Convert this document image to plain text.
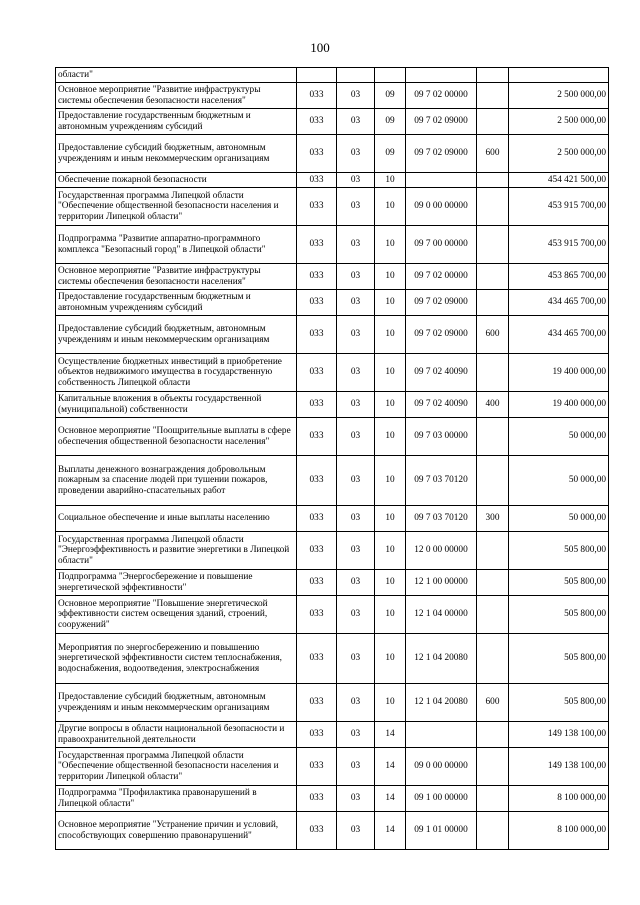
100
области"						
Основное мероприятие "Развитие инфраструктуры системы обеспечения безопасности населения"	033	03	09	09 7 02 00000		2 500 000,00
Предоставление государственным бюджетным и автономным учреждениям субсидий	033	03	09	09 7 02 09000		2 500 000,00
Предоставление субсидий бюджетным, автономным учреждениям и иным некоммерческим организациям	033	03	09	09 7 02 09000	600	2 500 000,00
Обеспечение пожарной безопасности	033	03	10			454 421 500,00
Государственная программа Липецкой области "Обеспечение общественной безопасности населения и территории Липецкой области"	033	03	10	09 0 00 00000		453 915 700,00
Подпрограмма "Развитие аппаратно-программного комплекса "Безопасный город" в Липецкой области"	033	03	10	09 7 00 00000		453 915 700,00
Основное мероприятие "Развитие инфраструктуры системы обеспечения безопасности населения"	033	03	10	09 7 02 00000		453 865 700,00
Предоставление государственным бюджетным и автономным учреждениям субсидий	033	03	10	09 7 02 09000		434 465 700,00
Предоставление субсидий бюджетным, автономным учреждениям и иным некоммерческим организациям	033	03	10	09 7 02 09000	600	434 465 700,00
Осуществление бюджетных инвестиций в приобретение объектов недвижимого имущества в государственную собственность Липецкой области	033	03	10	09 7 02 40090		19 400 000,00
Капитальные вложения в объекты государственной (муниципальной) собственности	033	03	10	09 7 02 40090	400	19 400 000,00
Основное мероприятие "Поощрительные выплаты в сфере обеспечения общественной безопасности населения"	033	03	10	09 7 03 00000		50 000,00
Выплаты денежного вознаграждения добровольным пожарным за спасение людей при тушении пожаров, проведении аварийно-спасательных работ	033	03	10	09 7 03 70120		50 000,00
Социальное обеспечение и иные выплаты населению	033	03	10	09 7 03 70120	300	50 000,00
Государственная программа Липецкой области "Энергоэффективность и развитие энергетики в Липецкой области"	033	03	10	12 0 00 00000		505 800,00
Подпрограмма "Энергосбережение и повышение энергетической эффективности"	033	03	10	12 1 00 00000		505 800,00
Основное мероприятие "Повышение энергетической эффективности систем освещения зданий, строений, сооружений"	033	03	10	12 1 04 00000		505 800,00
Мероприятия по энергосбережению и повышению энергетической эффективности систем теплоснабжения, водоснабжения, водоотведения, электроснабжения	033	03	10	12 1 04 20080		505 800,00
Предоставление субсидий бюджетным, автономным учреждениям и иным некоммерческим организациям	033	03	10	12 1 04 20080	600	505 800,00
Другие вопросы в области национальной безопасности и правоохранительной деятельности	033	03	14			149 138 100,00
Государственная программа Липецкой области "Обеспечение общественной безопасности населения и территории Липецкой области"	033	03	14	09 0 00 00000		149 138 100,00
Подпрограмма "Профилактика правонарушений в Липецкой области"	033	03	14	09 1 00 00000		8 100 000,00
Основное мероприятие "Устранение причин и условий, способствующих совершению правонарушений"	033	03	14	09 1 01 00000		8 100 000,00
